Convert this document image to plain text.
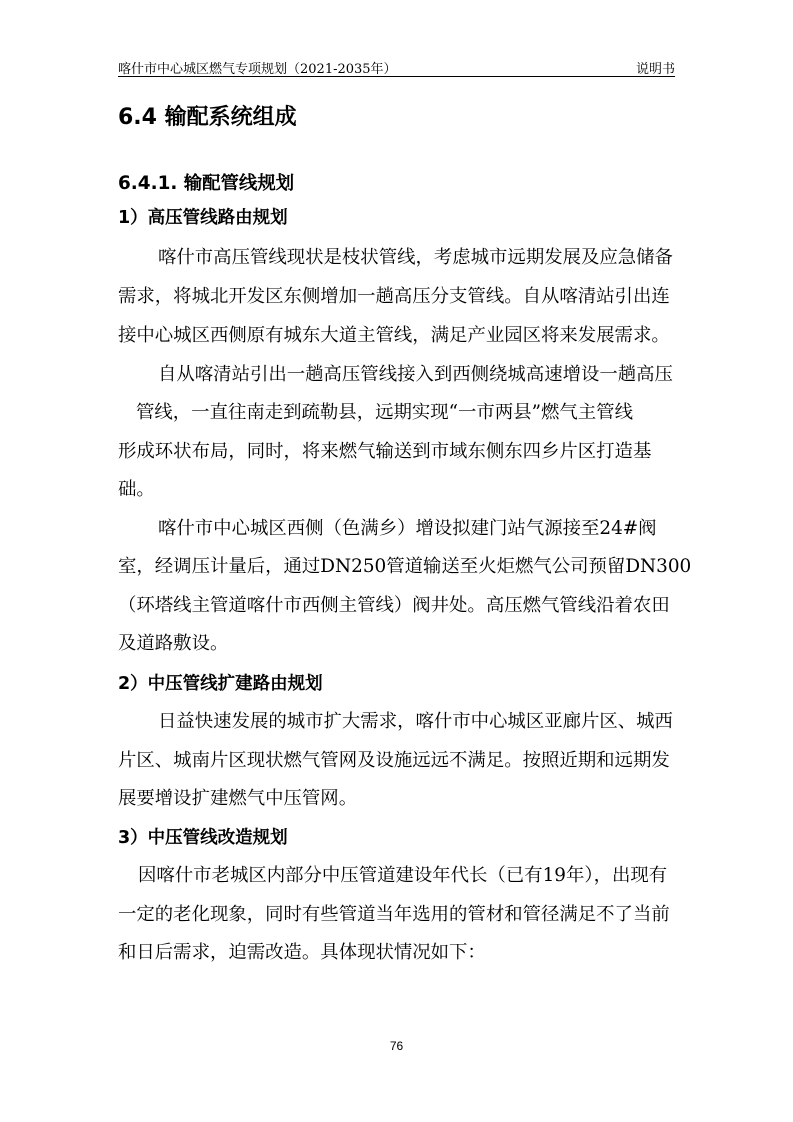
喀什市中心城区燃气专项规划（2021-2035年）	说明书
6.4 输配系统组成
6.4.1. 输配管线规划
1）高压管线路由规划
喀什市高压管线现状是枝状管线，考虑城市远期发展及应急储备
需求，将城北开发区东侧增加一趟高压分支管线。自从喀清站引出连
接中心城区西侧原有城东大道主管线，满足产业园区将来发展需求。
自从喀清站引出一趟高压管线接入到西侧绕城高速增设一趟高压
管线，一直往南走到疏勒县，远期实现“一市两县”燃气主管线
形成环状布局，同时，将来燃气输送到市域东侧东四乡片区打造基
础。
喀什市中心城区西侧（色满乡）增设拟建门站气源接至24#阀
室，经调压计量后，通过DN250管道输送至火炬燃气公司预留DN300
（环塔线主管道喀什市西侧主管线）阀井处。高压燃气管线沿着农田
及道路敷设。
2）中压管线扩建路由规划
日益快速发展的城市扩大需求，喀什市中心城区亚廊片区、城西
片区、城南片区现状燃气管网及设施远远不满足。按照近期和远期发
展要增设扩建燃气中压管网。
3）中压管线改造规划
因喀什市老城区内部分中压管道建设年代长（已有19年），出现有
一定的老化现象，同时有些管道当年选用的管材和管径满足不了当前
和日后需求，迫需改造。具体现状情况如下：
76
